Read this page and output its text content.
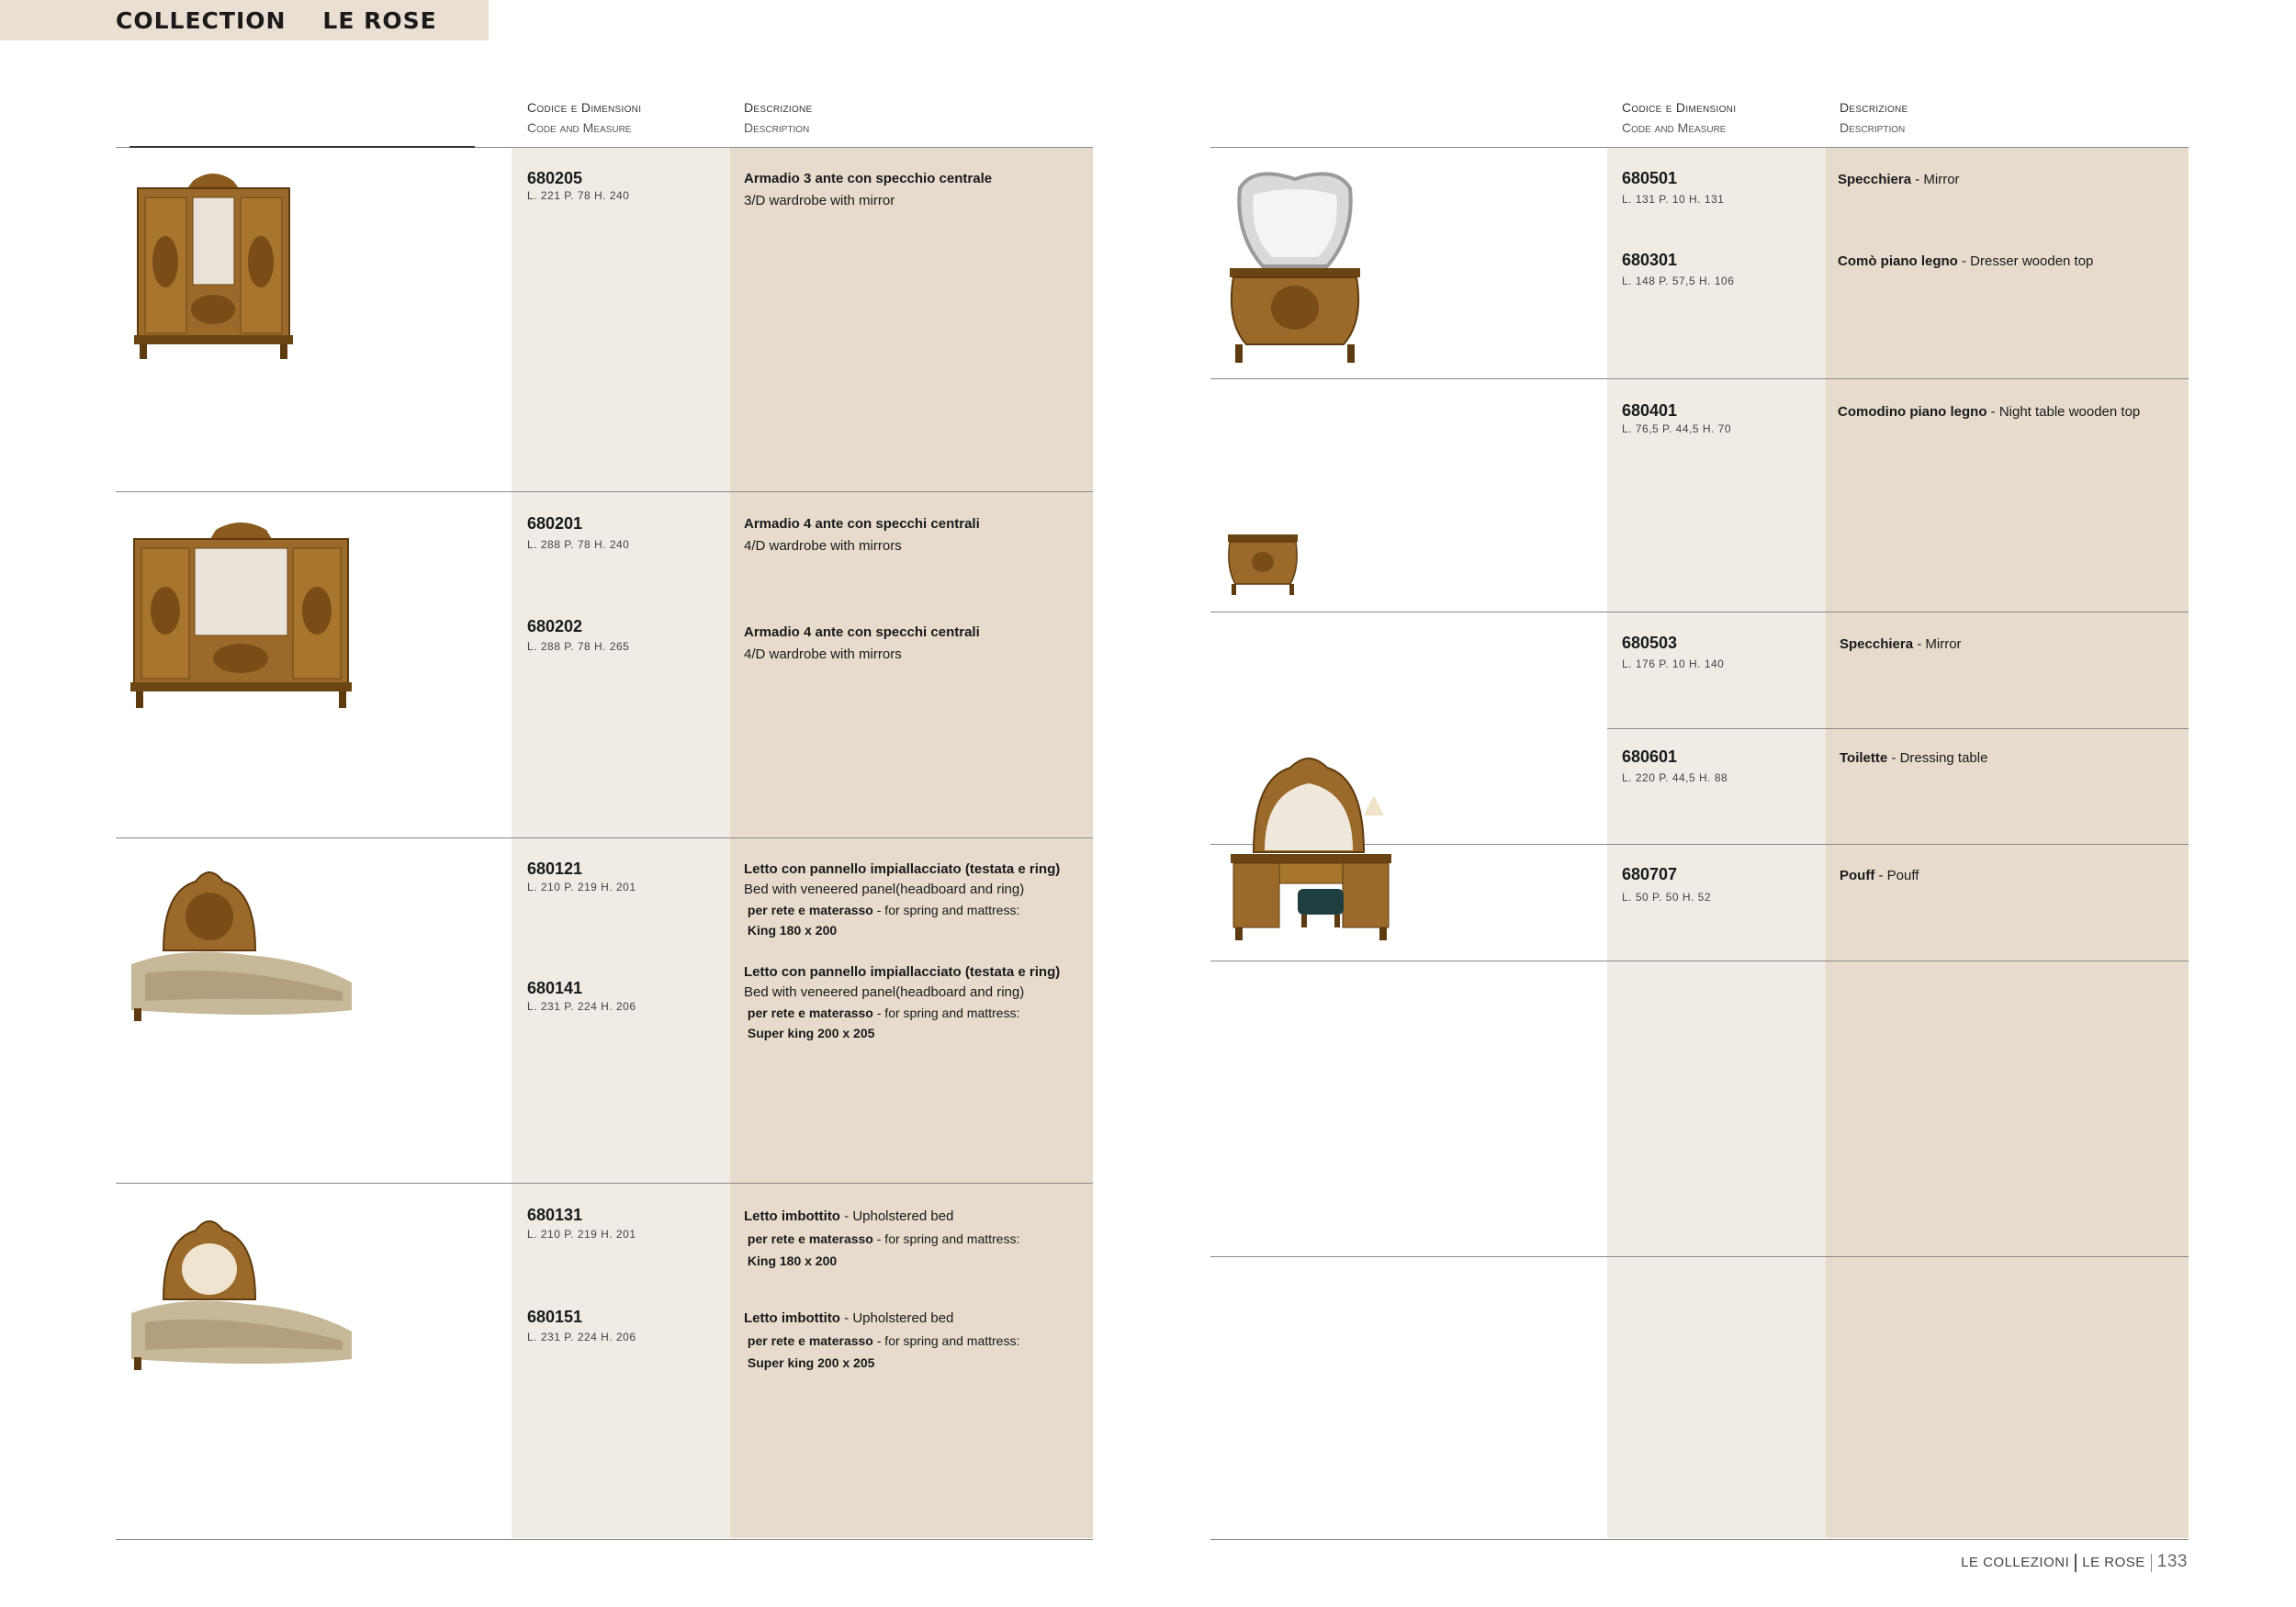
COLLECTION LE ROSE
Codice e Dimensioni
Code and Measure
Descrizione
Description
680205
L. 221 P. 78 H. 240
Armadio 3 ante con specchio centrale
3/D wardrobe with mirror
680201
L. 288 P. 78 H. 240
Armadio 4 ante con specchi centrali
4/D wardrobe with mirrors
680202
L. 288 P. 78 H. 265
Armadio 4 ante con specchi centrali
4/D wardrobe with mirrors
680121
L. 210 P. 219 H. 201
Letto con pannello impiallacciato (testata e ring)
Bed with veneered panel(headboard and ring)
per rete e materasso - for spring and mattress:
King 180 x 200
680141
L. 231 P. 224 H. 206
Letto con pannello impiallacciato (testata e ring)
Bed with veneered panel(headboard and ring)
per rete e materasso - for spring and mattress:
Super king 200 x 205
680131
L. 210 P. 219 H. 201
Letto imbottito - Upholstered bed
per rete e materasso - for spring and mattress:
King 180 x 200
680151
L. 231 P. 224 H. 206
Letto imbottito - Upholstered bed
per rete e materasso - for spring and mattress:
Super king 200 x 205
Codice e Dimensioni
Code and Measure
Descrizione
Description
680501
L. 131 P. 10 H. 131
Specchiera - Mirror
680301
L. 148 P. 57,5 H. 106
Comò piano legno - Dresser wooden top
680401
L. 76,5 P. 44,5 H. 70
Comodino piano legno - Night table wooden top
680503
L. 176 P. 10 H. 140
Specchiera - Mirror
680601
L. 220 P. 44,5 H. 88
Toilette - Dressing table
680707
L. 50 P. 50 H. 52
Pouff - Pouff
LE COLLEZIONI LE ROSE 133
